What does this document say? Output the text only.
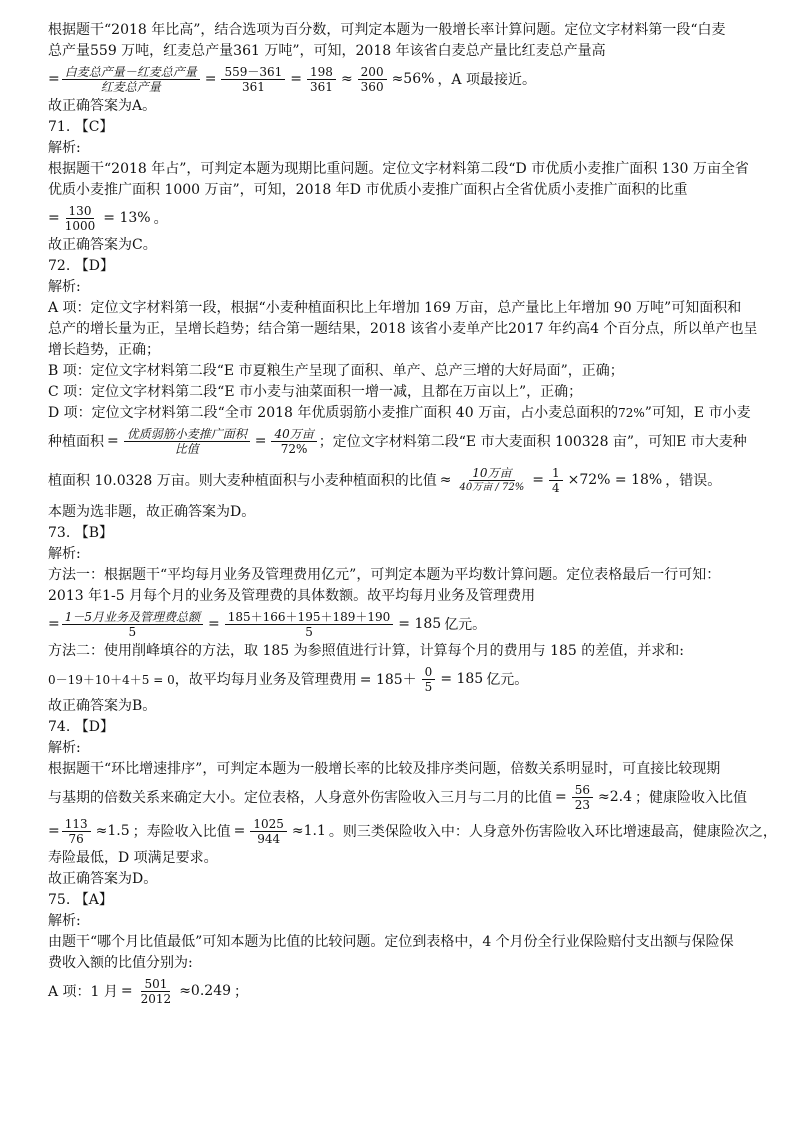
根据题干“2018 年比高”，结合选项为百分数，可判定本题为一般增长率计算问题。定位文字材料第一段“白麦
总产量559 万吨，红麦总产量361 万吨”，可知，2018 年该省白麦总产量比红麦总产量高
= $\frac{\text{白麦总产量－红麦总产量}}{\text{红麦总产量}} = \frac{559-361}{361} = \frac{198}{361} \approx \frac{200}{360} \approx 56\%$ ，A 项最接近。
故正确答案为A。
71. 【C】
解析:
根据题干“2018 年占”，可判定本题为现期比重问题。定位文字材料第二段“D 市优质小麦推广面积 130 万亩全省
优质小麦推广面积 1000 万亩”，可知，2018 年D 市优质小麦推广面积占全省优质小麦推广面积的比重
= $\frac{130}{1000} = 13\%$ 。
故正确答案为C。
72. 【D】
解析:
A 项：定位文字材料第一段，根据“小麦种植面积比上年增加 169 万亩，总产量比上年增加 90 万吨”可知面积和
总产的增长量为正，呈增长趋势；结合第一题结果，2018 该省小麦单产比2017 年约高4 个百分点，所以单产也呈
增长趋势，正确；
B 项：定位文字材料第二段“E 市夏粮生产呈现了面积、单产、总产三增的大好局面”，正确；
C 项：定位文字材料第二段“E 市小麦与油菜面积一增一减，且都在万亩以上”，正确；
D 项：定位文字材料第二段“全市 2018 年优质弱筋小麦推广面积 40 万亩，占小麦总面积的72%”可知，E 市小麦
种植面积 = $\frac{\text{优质弱筋小麦推广面积}}{\text{比值}} = \frac{\text{40万亩}}{72\%}$ ；定位文字材料第二段“E 市大麦面积 100328 亩”，可知E 市大麦种
植面积 10.0328 万亩。则大麦种植面积与小麦种植面积的比值 ≈ $\frac{\text{10万亩}}{\text{40万亩 / 72\%}} = \frac{1}{4} \times 72\% = 18\%$ ，错误。
本题为选非题，故正确答案为D。
73. 【B】
解析:
方法一：根据题干“平均每月业务及管理费用亿元”，可判定本题为平均数计算问题。定位表格最后一行可知：
2013 年1-5 月每个月的业务及管理费的具体数额。故平均每月业务及管理费用
= $\frac{\text{1－5月业务及管理费总额}}{5} = \frac{185+166+195+189+190}{5} = 185$ 亿元。
方法二：使用削峰填谷的方法，取 185 为参照值进行计算，计算每个月的费用与 185 的差值，并求和:
0－19＋10＋4＋5 = 0 ，故平均每月业务及管理费用 = $185+ \frac{0}{5} = 185$ 亿元。
故正确答案为B。
74. 【D】
解析:
根据题干“环比增速排序”，可判定本题为一般增长率的比较及排序类问题，倍数关系明显时，可直接比较现期
与基期的倍数关系来确定大小。定位表格，人身意外伤害险收入三月与二月的比值 = $\frac{56}{23} \approx 2.4$ ；健康险收入比值
= $\frac{113}{76} \approx 1.5$ ；寿险收入比值 = $\frac{1025}{944} \approx 1.1$ 。则三类保险收入中：人身意外伤害险收入环比增速最高，健康险次之，
寿险最低，D 项满足要求。
故正确答案为D。
75. 【A】
解析:
由题干“哪个月比值最低”可知本题为比值的比较问题。定位到表格中，4 个月份全行业保险赔付支出额与保险保
费收入额的比值分别为:
A 项：1 月 = $\frac{501}{2012} \approx 0.249$ ；
